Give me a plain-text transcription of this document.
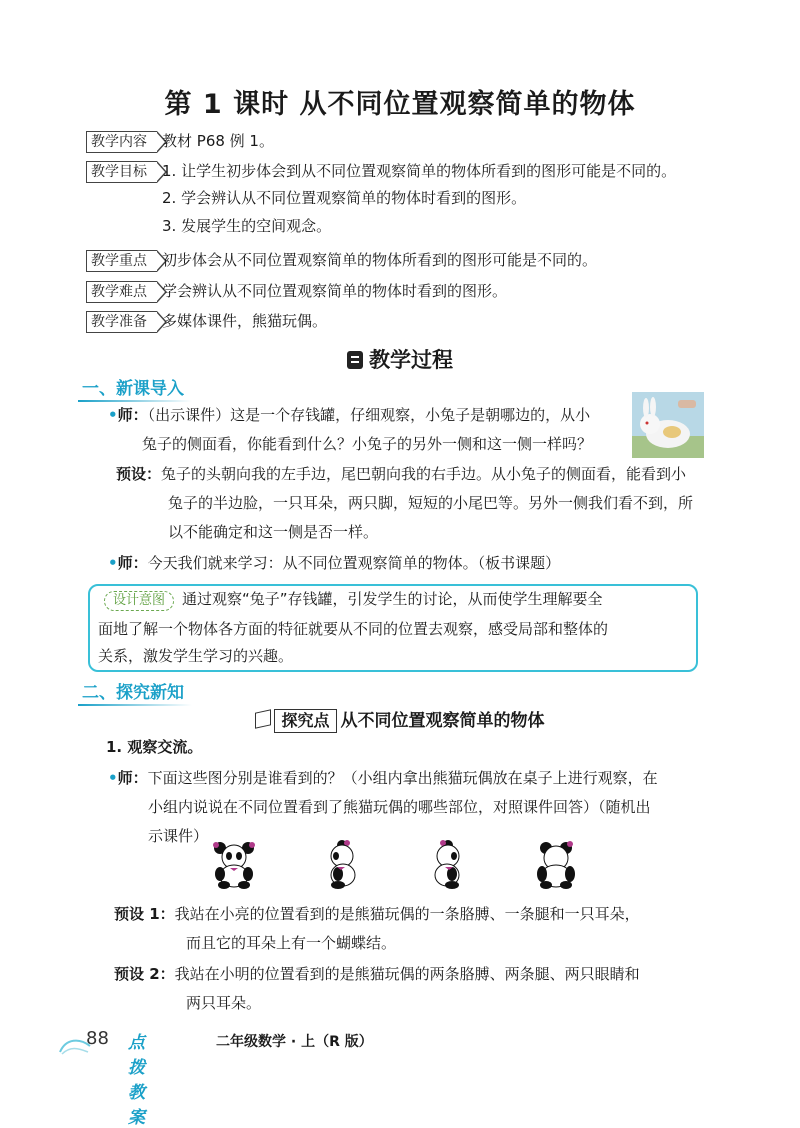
第 1 课时 从不同位置观察简单的物体
教学内容	教材 P68 例 1。
教学目标	1. 让学生初步体会到从不同位置观察简单的物体所看到的图形可能是不同的。
2. 学会辨认从不同位置观察简单的物体时看到的图形。
3. 发展学生的空间观念。
教学重点	初步体会从不同位置观察简单的物体所看到的图形可能是不同的。
教学难点	学会辨认从不同位置观察简单的物体时看到的图形。
教学准备	多媒体课件，熊猫玩偶。
教学过程
一、新课导入
•师：（出示课件）这是一个存钱罐，仔细观察，小兔子是朝哪边的，从小
兔子的侧面看，你能看到什么？小兔子的另外一侧和这一侧一样吗？
预设：兔子的头朝向我的左手边，尾巴朝向我的右手边。从小兔子的侧面看，能看到小
兔子的半边脸，一只耳朵，两只脚，短短的小尾巴等。另外一侧我们看不到，所
以不能确定和这一侧是否一样。
•师：今天我们就来学习：从不同位置观察简单的物体。（板书课题）
设计意图 通过观察“兔子”存钱罐，引发学生的讨论，从而使学生理解要全
面地了解一个物体各方面的特征就要从不同的位置去观察，感受局部和整体的
关系，激发学生学习的兴趣。
二、探究新知
探究点 从不同位置观察简单的物体
1. 观察交流。
•师：下面这些图分别是谁看到的？（小组内拿出熊猫玩偶放在桌子上进行观察，在
小组内说说在不同位置看到了熊猫玩偶的哪些部位，对照课件回答）（随机出
示课件）
预设 1：我站在小亮的位置看到的是熊猫玩偶的一条胳膊、一条腿和一只耳朵，
而且它的耳朵上有一个蝴蝶结。
预设 2：我站在小明的位置看到的是熊猫玩偶的两条胳膊、两条腿、两只眼睛和
两只耳朵。
88 点拨教案
二年级数学 · 上（R 版）
